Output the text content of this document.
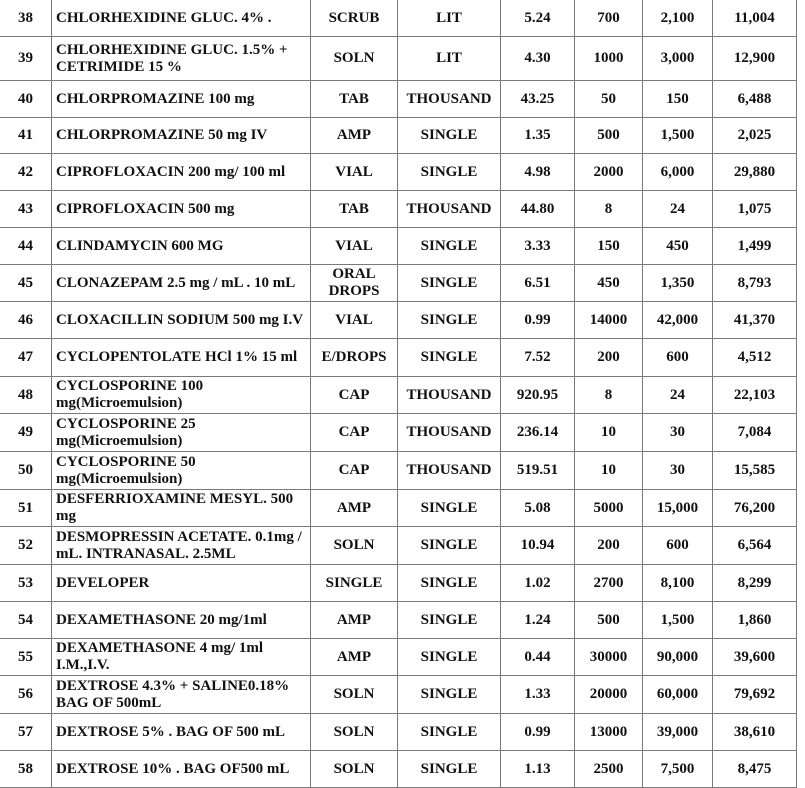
38	CHLORHEXIDINE GLUC. 4% .	SCRUB	LIT	5.24	700	2,100	11,004
39	CHLORHEXIDINE GLUC. 1.5% + CETRIMIDE 15 %	SOLN	LIT	4.30	1000	3,000	12,900
40	CHLORPROMAZINE 100 mg	TAB	THOUSAND	43.25	50	150	6,488
41	CHLORPROMAZINE 50 mg IV	AMP	SINGLE	1.35	500	1,500	2,025
42	CIPROFLOXACIN 200 mg/ 100 ml	VIAL	SINGLE	4.98	2000	6,000	29,880
43	CIPROFLOXACIN 500 mg	TAB	THOUSAND	44.80	8	24	1,075
44	CLINDAMYCIN 600 MG	VIAL	SINGLE	3.33	150	450	1,499
45	CLONAZEPAM 2.5 mg / mL . 10 mL	ORAL DROPS	SINGLE	6.51	450	1,350	8,793
46	CLOXACILLIN SODIUM 500 mg I.V	VIAL	SINGLE	0.99	14000	42,000	41,370
47	CYCLOPENTOLATE HCl 1% 15 ml	E/DROPS	SINGLE	7.52	200	600	4,512
48	CYCLOSPORINE 100 mg(Microemulsion)	CAP	THOUSAND	920.95	8	24	22,103
49	CYCLOSPORINE 25 mg(Microemulsion)	CAP	THOUSAND	236.14	10	30	7,084
50	CYCLOSPORINE 50 mg(Microemulsion)	CAP	THOUSAND	519.51	10	30	15,585
51	DESFERRIOXAMINE MESYL. 500 mg	AMP	SINGLE	5.08	5000	15,000	76,200
52	DESMOPRESSIN ACETATE. 0.1mg / mL. INTRANASAL. 2.5ML	SOLN	SINGLE	10.94	200	600	6,564
53	DEVELOPER	SINGLE	SINGLE	1.02	2700	8,100	8,299
54	DEXAMETHASONE 20 mg/1ml	AMP	SINGLE	1.24	500	1,500	1,860
55	DEXAMETHASONE 4 mg/ 1ml I.M.,I.V.	AMP	SINGLE	0.44	30000	90,000	39,600
56	DEXTROSE 4.3% + SALINE0.18% BAG OF 500mL	SOLN	SINGLE	1.33	20000	60,000	79,692
57	DEXTROSE 5% . BAG OF 500 mL	SOLN	SINGLE	0.99	13000	39,000	38,610
58	DEXTROSE 10% . BAG OF500 mL	SOLN	SINGLE	1.13	2500	7,500	8,475
